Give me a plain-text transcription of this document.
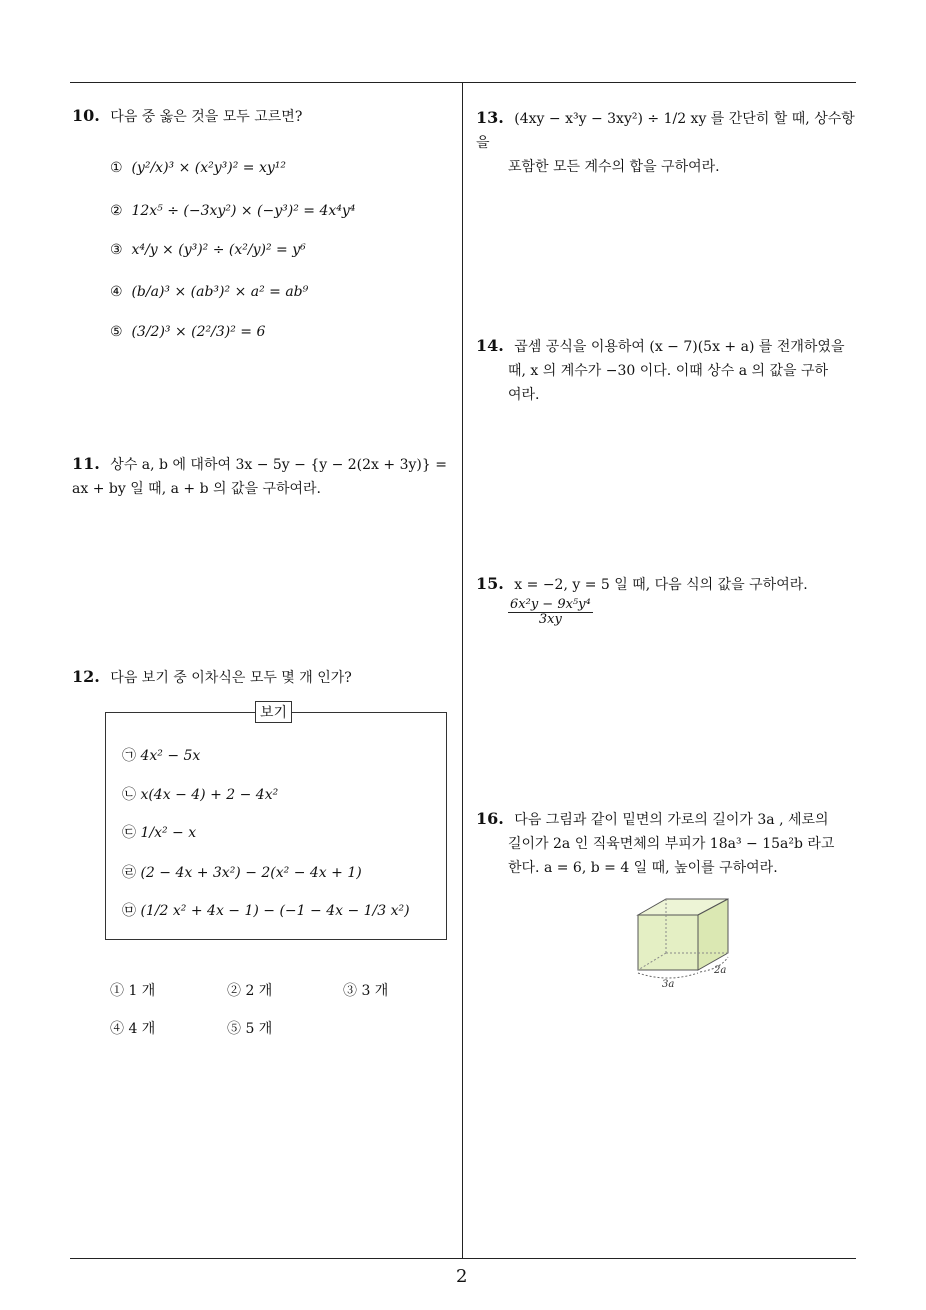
10. 다음 중 옳은 것을 모두 고르면?
① (y²/x)³ × (x²y³)² = xy¹²
② 12x⁵ ÷ (−3xy²) × (−y³)² = 4x⁴y⁴
③ x⁴/y × (y³)² ÷ (x²/y)² = y⁶
④ (b/a)³ × (ab³)² × a² = ab⁹
⑤ (3/2)³ × (2²/3)² = 6
11. 상수 a, b 에 대하여 3x − 5y − {y − 2(2x + 3y)} =
ax + by 일 때, a + b 의 값을 구하여라.
12. 다음 보기 중 이차식은 모두 몇 개 인가?
보기
㉠ 4x² − 5x
㉡ x(4x − 4) + 2 − 4x²
㉢ 1/x² − x
㉣ (2 − 4x + 3x²) − 2(x² − 4x + 1)
㉤ (1/2 x² + 4x − 1) − (−1 − 4x − 1/3 x²)
① 1 개	② 2 개	③ 3 개
④ 4 개	⑤ 5 개
13. (4xy − x³y − 3xy²) ÷ 1/2 xy 를 간단히 할 때, 상수항을
포함한 모든 계수의 합을 구하여라.
14. 곱셈 공식을 이용하여 (x − 7)(5x + a) 를 전개하였을
때, x 의 계수가 −30 이다. 이때 상수 a 의 값을 구하
여라.
15. x = −2, y = 5 일 때, 다음 식의 값을 구하여라.
$\frac{\text{6x²y − 9x⁵y⁴}}{3xy}$
16. 다음 그림과 같이 밑면의 가로의 길이가 3a , 세로의
길이가 2a 인 직육면체의 부피가 18a³ − 15a²b 라고
한다. a = 6, b = 4 일 때, 높이를 구하여라.
3a
2a
2
